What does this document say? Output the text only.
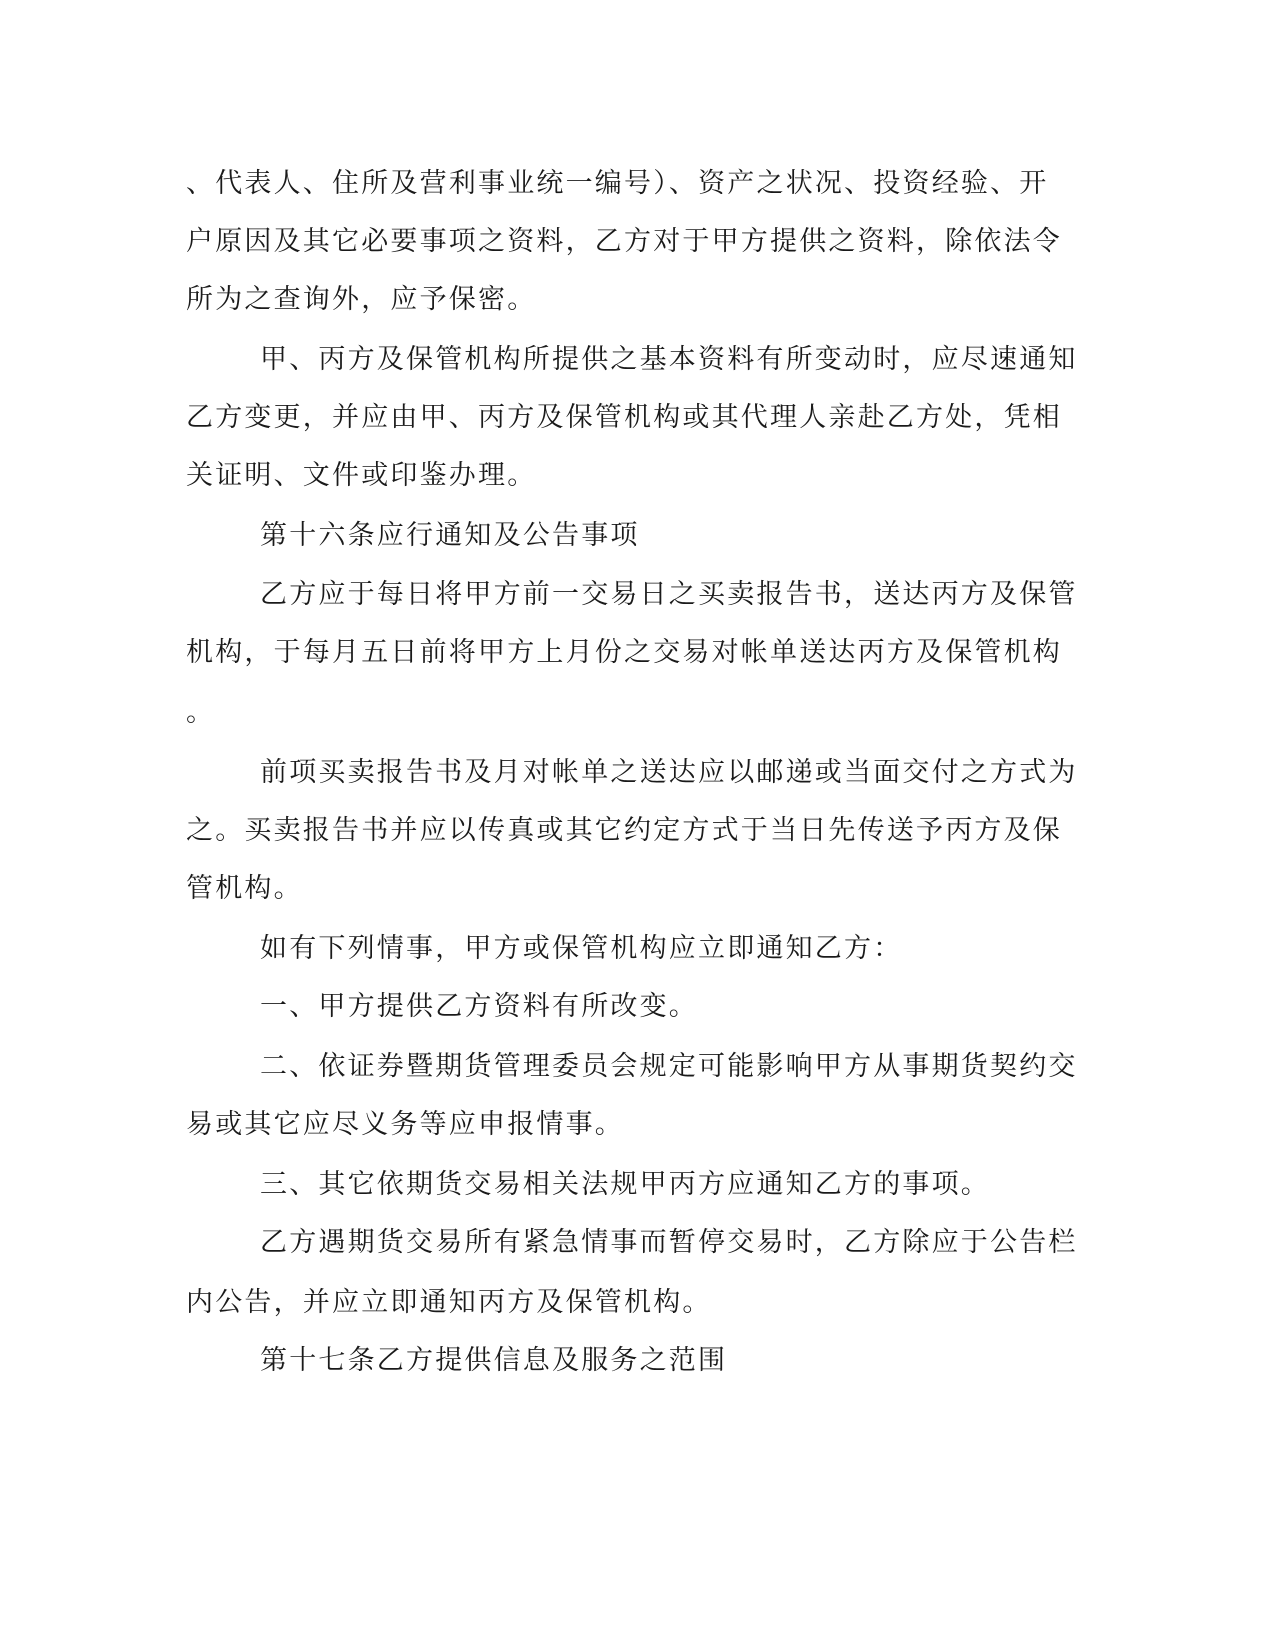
、代表人、住所及营利事业统一编号）、资产之状况、投资经验、开
户原因及其它必要事项之资料，乙方对于甲方提供之资料，除依法令
所为之查询外，应予保密。
甲、丙方及保管机构所提供之基本资料有所变动时，应尽速通知
乙方变更，并应由甲、丙方及保管机构或其代理人亲赴乙方处，凭相
关证明、文件或印鉴办理。
第十六条应行通知及公告事项
乙方应于每日将甲方前一交易日之买卖报告书，送达丙方及保管
机构，于每月五日前将甲方上月份之交易对帐单送达丙方及保管机构
。
前项买卖报告书及月对帐单之送达应以邮递或当面交付之方式为
之。买卖报告书并应以传真或其它约定方式于当日先传送予丙方及保
管机构。
如有下列情事，甲方或保管机构应立即通知乙方：
一、甲方提供乙方资料有所改变。
二、依证券暨期货管理委员会规定可能影响甲方从事期货契约交
易或其它应尽义务等应申报情事。
三、其它依期货交易相关法规甲丙方应通知乙方的事项。
乙方遇期货交易所有紧急情事而暂停交易时，乙方除应于公告栏
内公告，并应立即通知丙方及保管机构。
第十七条乙方提供信息及服务之范围
